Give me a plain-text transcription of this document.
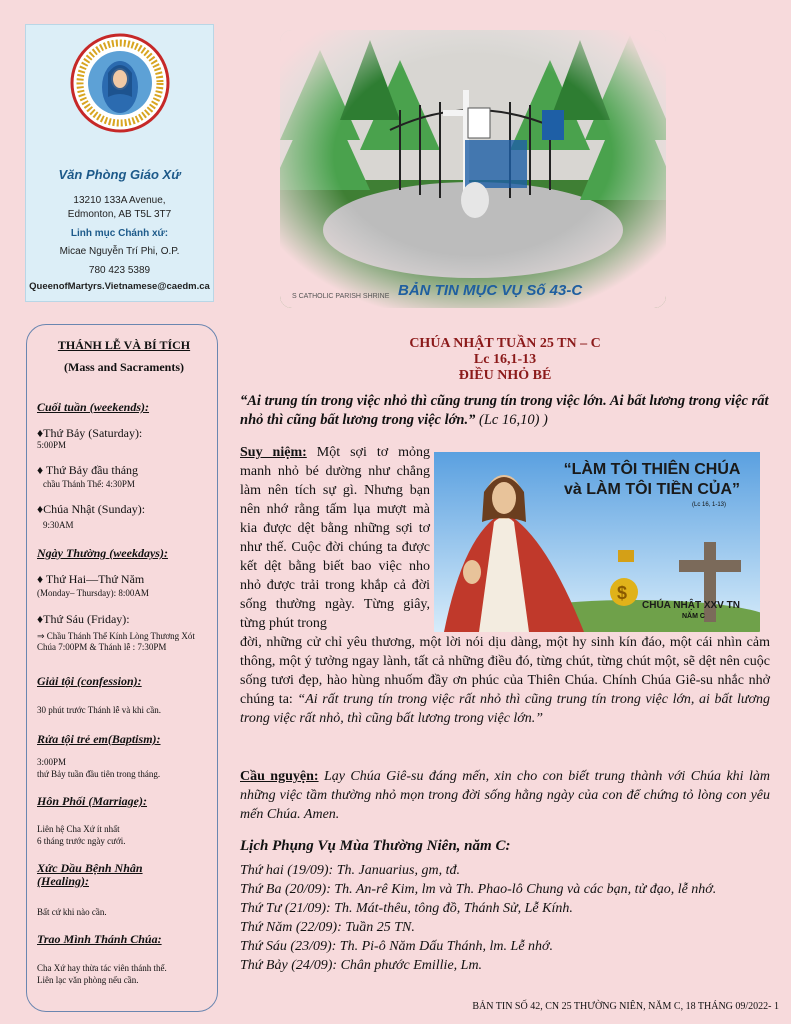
Văn Phòng Giáo Xứ
13210 133A Avenue,
Edmonton, AB T5L 3T7
Linh mục Chánh xứ:
Micae Nguyễn Trí Phi, O.P.
780 423 5389
QueenofMartyrs.Vietnamese@caedm.ca
S CATHOLIC PARISH SHRINE BẢN TIN MỤC VỤ Số 43-C
THÁNH LỄ VÀ BÍ TÍCH
(Mass and Sacraments)
Cuối tuần (weekends):
♦Thứ Bảy (Saturday):
5:00PM
♦ Thứ Bảy đầu tháng
chầu Thánh Thể: 4:30PM
♦Chúa Nhật (Sunday):
9:30AM
Ngày Thường (weekdays):
♦ Thứ Hai—Thứ Năm
(Monday– Thursday): 8:00AM
♦Thứ Sáu (Friday):
⇒ Chầu Thánh Thể Kính Lòng Thương Xót Chúa 7:00PM & Thánh lễ : 7:30PM
Giải tội (confession):
30 phút trước Thánh lễ và khi cần.
Rửa tội trẻ em(Baptism):
3:00PM
thứ Bảy tuần đầu tiên trong tháng.
Hôn Phối (Marriage):
Liên hệ Cha Xứ ít nhất
6 tháng trước ngày cưới.
Xức Dầu Bệnh Nhân (Healing):
Bất cứ khi nào cần.
Trao Mình Thánh Chúa:
Cha Xứ hay thừa tác viên thánh thể.
Liên lạc văn phòng nếu cần.
CHÚA NHẬT TUẦN 25 TN – C
Lc 16,1-13
ĐIỀU NHỎ BÉ
“Ai trung tín trong việc nhỏ thì cũng trung tín trong việc lớn. Ai bất lương trong việc rất nhỏ thì cũng bất lương trong việc lớn.” (Lc 16,10) )
$
“LÀM TÔI THIÊN CHÚA
và LÀM TÔI TIỀN CỦA”
(Lc 16, 1-13)
CHÚA NHẬT XXV TN
NĂM C
Suy niệm: Một sợi tơ mỏng manh nhỏ bé dường như chẳng làm nên tích sự gì. Nhưng bạn nên nhớ rằng tấm lụa mượt mà kia được dệt bằng những sợi tơ như thế. Cuộc đời chúng ta được kết dệt bằng biết bao việc nho nhỏ được trải trong khắp cả đời sống thường ngày. Từng giây, từng phút trong
đời, những cử chỉ yêu thương, một lời nói dịu dàng, một hy sinh kín đáo, một cái nhìn cảm thông, một ý tưởng ngay lành, tất cả những điều đó, từng chút, từng chút một, sẽ dệt nên cuộc sống tươi đẹp, hào hùng nhuốm đầy ơn phúc của Thiên Chúa. Chính Chúa Giê-su nhắc nhở chúng ta: “Ai rất trung tín trong việc rất nhỏ thì cũng trung tín trong việc lớn, ai bất lương trong việc rất nhỏ, thì cũng bất lương trong việc lớn.”
Cầu nguyện: Lạy Chúa Giê-su đáng mến, xin cho con biết trung thành với Chúa khi làm những việc tầm thường nhỏ mọn trong đời sống hằng ngày của con để chứng tỏ lòng con yêu mến Chúa. Amen.
Lịch Phụng Vụ Mùa Thường Niên, năm C:
Thứ hai (19/09): Th. Januarius, gm, tđ.
Thứ Ba (20/09): Th. An-rê Kim, lm và Th. Phao-lô Chung và các bạn, tử đạo, lễ nhớ.
Thứ Tư (21/09): Th. Mát-thêu, tông đồ, Thánh Sử, Lễ Kính.
Thứ Năm (22/09): Tuần 25 TN.
Thứ Sáu (23/09): Th. Pi-ô Năm Dấu Thánh, lm. Lễ nhớ.
Thứ Bảy (24/09): Chân phước Emillie, Lm.
BẢN TIN SỐ 42, CN 25 THƯỜNG NIÊN, NĂM C, 18 THÁNG 09/2022- 1
